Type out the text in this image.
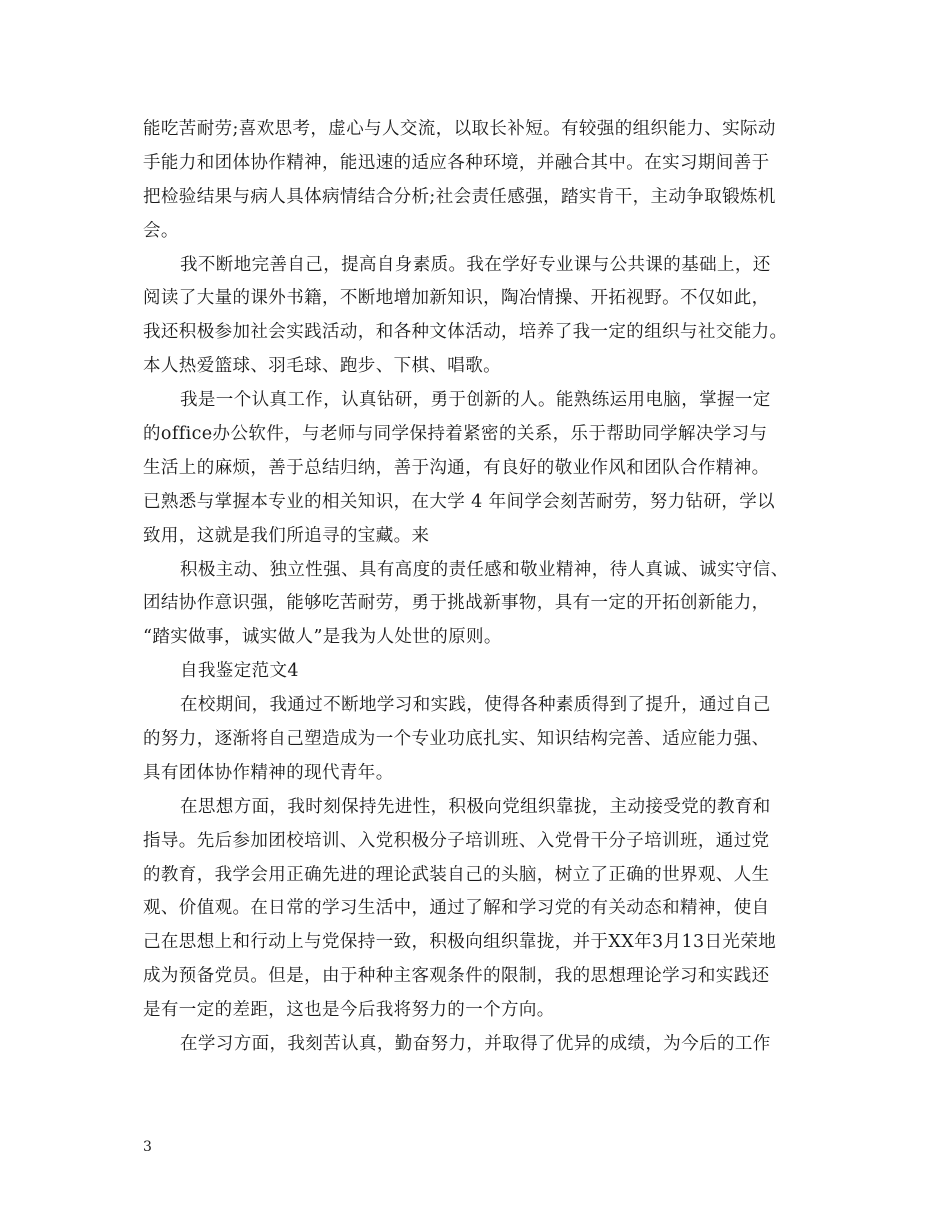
能吃苦耐劳;喜欢思考，虚心与人交流，以取长补短。有较强的组织能力、实际动
手能力和团体协作精神，能迅速的适应各种环境，并融合其中。在实习期间善于
把检验结果与病人具体病情结合分析;社会责任感强，踏实肯干，主动争取锻炼机
会。
我不断地完善自己，提高自身素质。我在学好专业课与公共课的基础上，还
阅读了大量的课外书籍，不断地增加新知识，陶冶情操、开拓视野。不仅如此，
我还积极参加社会实践活动，和各种文体活动，培养了我一定的组织与社交能力。
本人热爱篮球、羽毛球、跑步、下棋、唱歌。
我是一个认真工作，认真钻研，勇于创新的人。能熟练运用电脑，掌握一定
的office办公软件，与老师与同学保持着紧密的关系，乐于帮助同学解决学习与
生活上的麻烦，善于总结归纳，善于沟通，有良好的敬业作风和团队合作精神。
已熟悉与掌握本专业的相关知识，在大学 4 年间学会刻苦耐劳，努力钻研，学以
致用，这就是我们所追寻的宝藏。来
积极主动、独立性强、具有高度的责任感和敬业精神，待人真诚、诚实守信、
团结协作意识强，能够吃苦耐劳，勇于挑战新事物，具有一定的开拓创新能力，
“踏实做事，诚实做人”是我为人处世的原则。
自我鉴定范文4
在校期间，我通过不断地学习和实践，使得各种素质得到了提升，通过自己
的努力，逐渐将自己塑造成为一个专业功底扎实、知识结构完善、适应能力强、
具有团体协作精神的现代青年。
在思想方面，我时刻保持先进性，积极向党组织靠拢，主动接受党的教育和
指导。先后参加团校培训、入党积极分子培训班、入党骨干分子培训班，通过党
的教育，我学会用正确先进的理论武装自己的头脑，树立了正确的世界观、人生
观、价值观。在日常的学习生活中，通过了解和学习党的有关动态和精神，使自
己在思想上和行动上与党保持一致，积极向组织靠拢，并于XX年3月13日光荣地
成为预备党员。但是，由于种种主客观条件的限制，我的思想理论学习和实践还
是有一定的差距，这也是今后我将努力的一个方向。
在学习方面，我刻苦认真，勤奋努力，并取得了优异的成绩，为今后的工作
3
